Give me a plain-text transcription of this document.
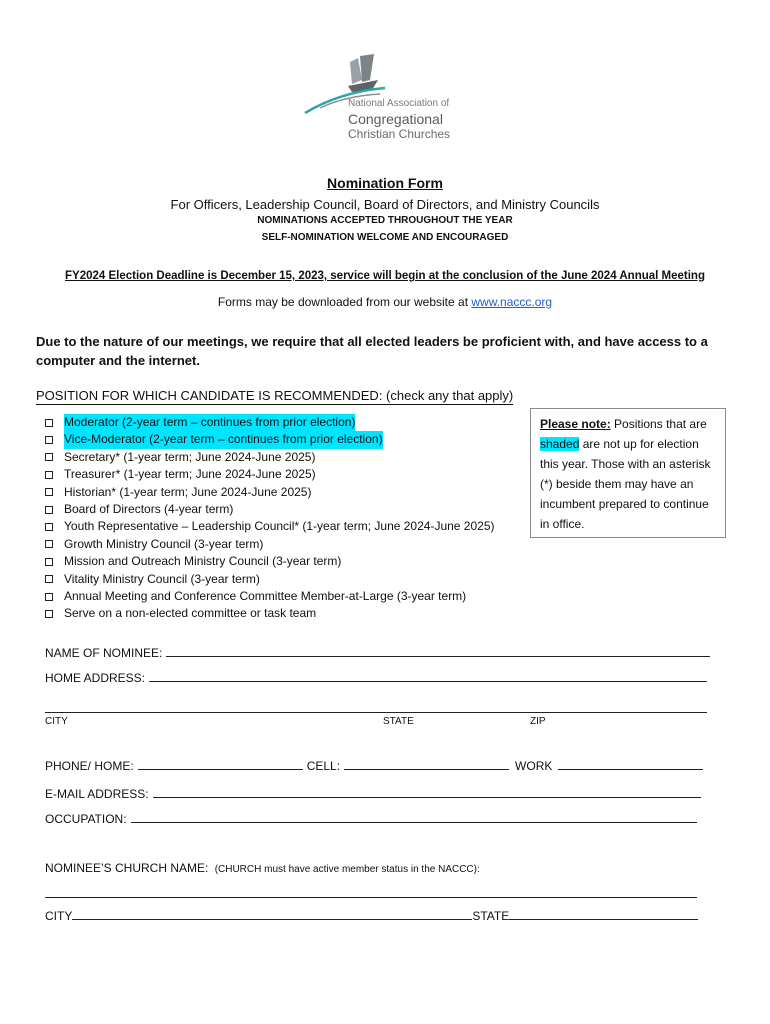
National Association of
Congregational
Christian Churches
Nomination Form
For Officers, Leadership Council, Board of Directors, and Ministry Councils
NOMINATIONS ACCEPTED THROUGHOUT THE YEAR
SELF-NOMINATION WELCOME AND ENCOURAGED
FY2024 Election Deadline is December 15, 2023, service will begin at the conclusion of the June 2024 Annual Meeting
Forms may be downloaded from our website at www.naccc.org
Due to the nature of our meetings, we require that all elected leaders be proficient with, and have access to a computer and the internet.
POSITION FOR WHICH CANDIDATE IS RECOMMENDED: (check any that apply)
Moderator (2-year term – continues from prior election)
Vice-Moderator (2-year term – continues from prior election)
Secretary* (1-year term; June 2024-June 2025)
Treasurer* (1-year term; June 2024-June 2025)
Historian* (1-year term; June 2024-June 2025)
Board of Directors (4-year term)
Youth Representative – Leadership Council* (1-year term; June 2024-June 2025)
Growth Ministry Council (3-year term)
Mission and Outreach Ministry Council (3-year term)
Vitality Ministry Council (3-year term)
Annual Meeting and Conference Committee Member-at-Large (3-year term)
Serve on a non-elected committee or task team
Please note: Positions that are shaded are not up for election this year. Those with an asterisk (*) beside them may have an incumbent prepared to continue in office.
NAME OF NOMINEE:
HOME ADDRESS:
CITY	STATE	ZIP
PHONE/ HOME:	CELL:	WORK
E-MAIL ADDRESS:
OCCUPATION:
NOMINEE’S CHURCH NAME: (CHURCH must have active member status in the NACCC):
CITY	STATE
